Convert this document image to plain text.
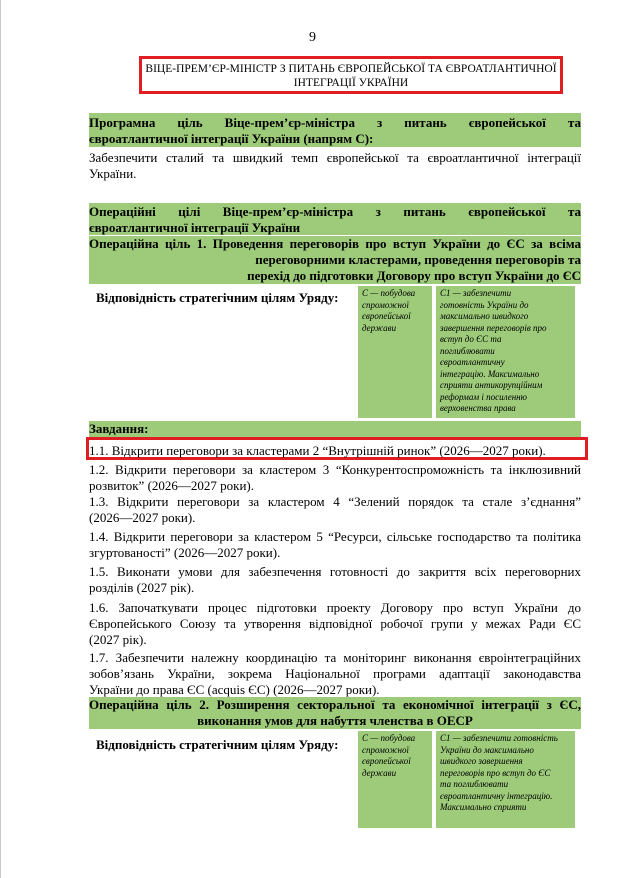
9
ВІЦЕ-ПРЕМ’ЄР-МІНІСТР З ПИТАНЬ ЄВРОПЕЙСЬКОЇ ТА ЄВРОАТЛАНТИЧНОЇ
ІНТЕГРАЦІЇ УКРАЇНИ
Програмна ціль Віце-прем’єр-міністра з питань європейської та
євроатлантичної інтеграції України (напрям С):
Забезпечити сталий та швидкий темп європейської та євроатлантичної інтеграції
України.
Операційні цілі Віце-прем’єр-міністра з питань європейської та
євроатлантичної інтеграції України
Операційна ціль 1. Проведення переговорів про вступ України до ЄС за всіма
переговорними кластерами, проведення переговорів та
перехід до підготовки Договору про вступ України до ЄС
Відповідність стратегічним цілям Уряду:	С — побудова
спроможної
європейської
держави
С1 — забезпечити
готовність України до
максимально швидкого
завершення переговорів про
вступ до ЄС та
поглиблювати
євроатлантичну
інтеграцію. Максимально
сприяти антикорупційним
реформам і посиленню
верховенства права
Завдання:
1.1. Відкрити переговори за кластерами 2 “Внутрішній ринок” (2026—2027 роки).
1.2. Відкрити переговори за кластером 3 “Конкурентоспроможність та інклюзивний
розвиток” (2026—2027 роки).
1.3. Відкрити переговори за кластером 4 “Зелений порядок та стале з’єднання”
(2026—2027 роки).
1.4. Відкрити переговори за кластером 5 “Ресурси, сільське господарство та політика
згуртованості” (2026—2027 роки).
1.5. Виконати умови для забезпечення готовності до закриття всіх переговорних
розділів (2027 рік).
1.6. Започаткувати процес підготовки проекту Договору про вступ України до
Європейського Союзу та утворення відповідної робочої групи у межах Ради ЄС
(2027 рік).
1.7. Забезпечити належну координацію та моніторинг виконання євроінтеграційних
зобов’язань України, зокрема Національної програми адаптації законодавства
України до права ЄС (acquis ЄС) (2026—2027 роки).
Операційна ціль 2. Розширення секторальної та економічної інтеграції з ЄС,
виконання умов для набуття членства в ОЕСР
Відповідність стратегічним цілям Уряду:	С — побудова
спроможної
європейської
держави
С1 — забезпечити готовність
України до максимально
швидкого завершення
переговорів про вступ до ЄС
та поглиблювати
євроатлантичну інтеграцію.
Максимально сприяти
